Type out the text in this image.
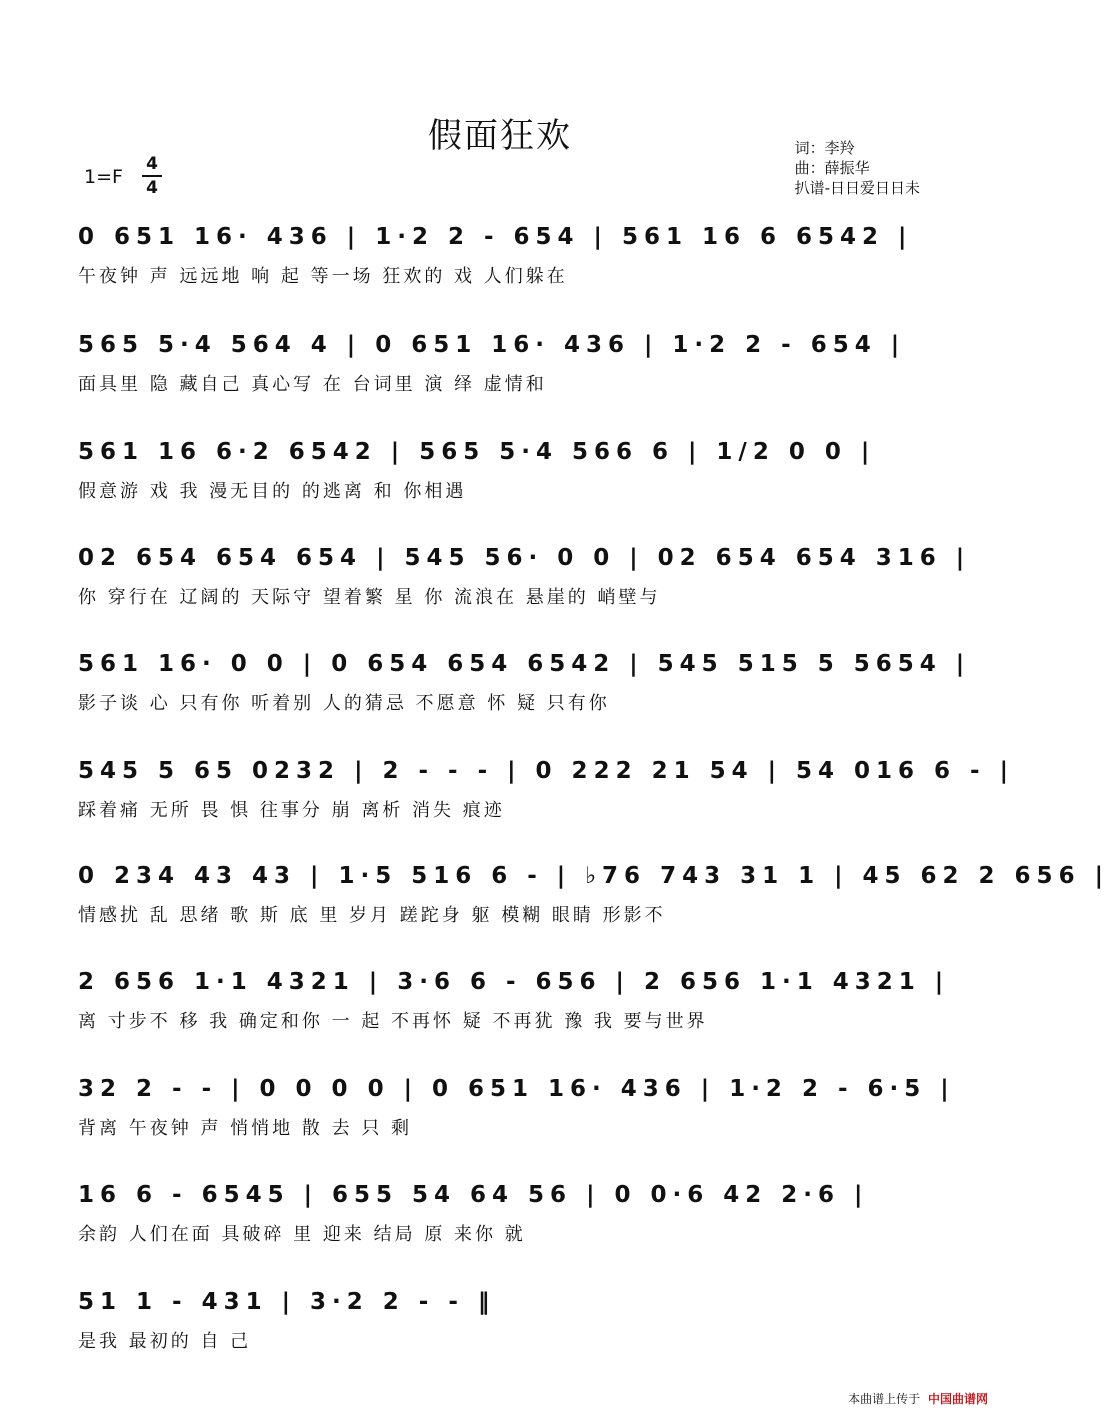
假面狂欢	词：李羚
曲：薛振华
扒谱-日日爱日日未
1=F
4
4
0 651 16· 436 | 1·2 2 - 654 | 561 16 6 6542 |
午夜钟 声 远远地 响 起 等一场 狂欢的 戏 人们躲在
565 5·4 564 4 | 0 651 16· 436 | 1·2 2 - 654 |
面具里 隐 藏自己 真心写 在 台词里 演 绎 虚情和
561 16 6·2 6542 | 565 5·4 566 6 | 1/2 0 0 |
假意游 戏 我 漫无目的 的逃离 和 你相遇
02 654 654 654 | 545 56· 0 0 | 02 654 654 316 |
你 穿行在 辽阔的 天际守 望着繁 星 你 流浪在 悬崖的 峭壁与
561 16· 0 0 | 0 654 654 6542 | 545 515 5 5654 |
影子谈 心 只有你 听着别 人的猜忌 不愿意 怀 疑 只有你
545 5 65 0232 | 2 - - - | 0 222 21 54 | 54 016 6 - |
踩着痛 无所 畏 惧 往事分 崩 离析 消失 痕迹
0 234 43 43 | 1·5 516 6 - | ♭76 743 31 1 | 45 62 2 656 |
情感扰 乱 思绪 歌 斯 底 里 岁月 蹉跎身 躯 模糊 眼睛 形影不
2 656 1·1 4321 | 3·6 6 - 656 | 2 656 1·1 4321 |
离 寸步不 移 我 确定和你 一 起 不再怀 疑 不再犹 豫 我 要与世界
32 2 - - | 0 0 0 0 | 0 651 16· 436 | 1·2 2 - 6·5 |
背离 午夜钟 声 悄悄地 散 去 只 剩
16 6 - 6545 | 655 54 64 56 | 0 0·6 42 2·6 |
余韵 人们在面 具破碎 里 迎来 结局 原 来你 就
51 1 - 431 | 3·2 2 - - ‖
是我 最初的 自 己
本曲谱上传于 中国曲谱网
